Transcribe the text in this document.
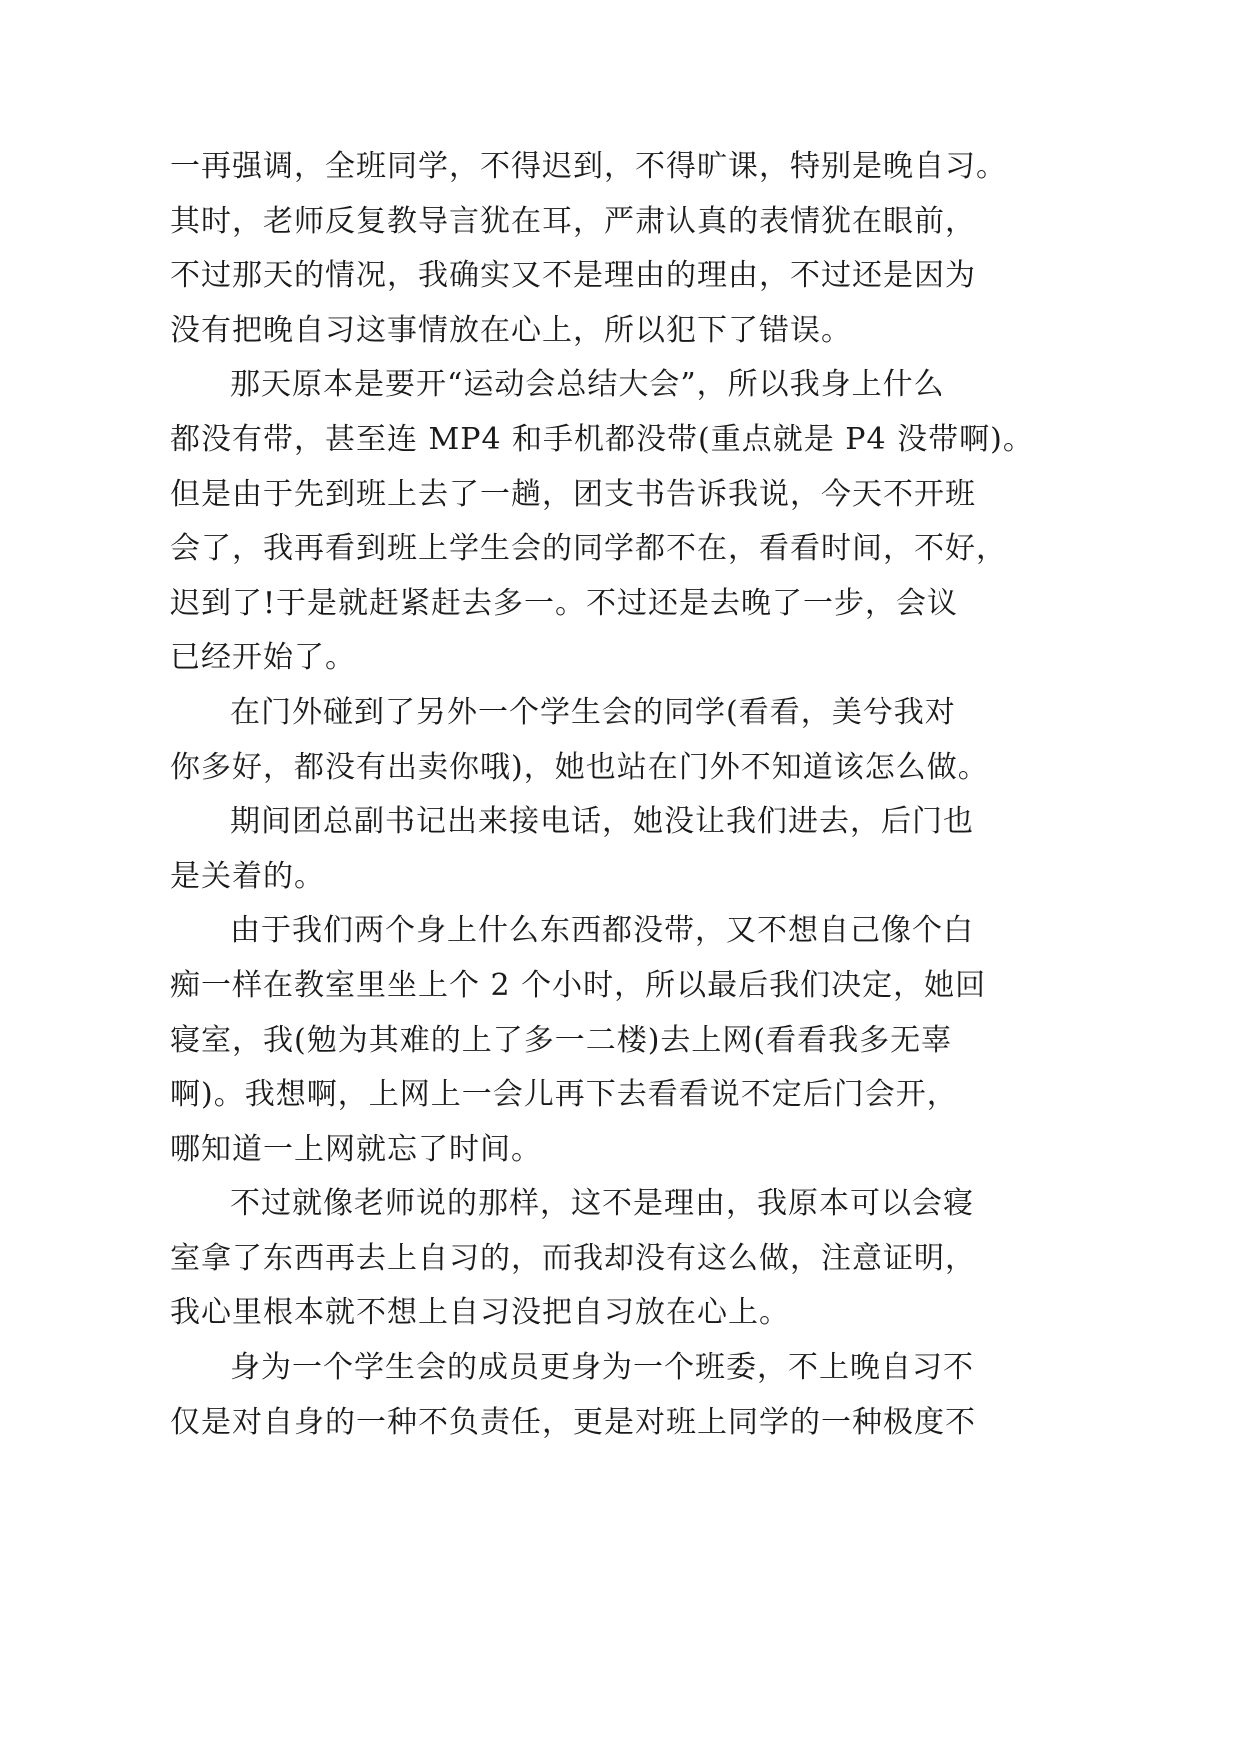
一再强调，全班同学，不得迟到，不得旷课，特别是晚自习。
其时，老师反复教导言犹在耳，严肃认真的表情犹在眼前，
不过那天的情况，我确实又不是理由的理由，不过还是因为
没有把晚自习这事情放在心上，所以犯下了错误。
那天原本是要开“运动会总结大会”，所以我身上什么
都没有带，甚至连 MP4 和手机都没带(重点就是 P4 没带啊)。
但是由于先到班上去了一趟，团支书告诉我说，今天不开班
会了，我再看到班上学生会的同学都不在，看看时间，不好，
迟到了!于是就赶紧赶去多一。不过还是去晚了一步，会议
已经开始了。
在门外碰到了另外一个学生会的同学(看看，美兮我对
你多好，都没有出卖你哦)，她也站在门外不知道该怎么做。
期间团总副书记出来接电话，她没让我们进去，后门也
是关着的。
由于我们两个身上什么东西都没带，又不想自己像个白
痴一样在教室里坐上个 2 个小时，所以最后我们决定，她回
寝室，我(勉为其难的上了多一二楼)去上网(看看我多无辜
啊)。我想啊，上网上一会儿再下去看看说不定后门会开，
哪知道一上网就忘了时间。
不过就像老师说的那样，这不是理由，我原本可以会寝
室拿了东西再去上自习的，而我却没有这么做，注意证明，
我心里根本就不想上自习没把自习放在心上。
身为一个学生会的成员更身为一个班委，不上晚自习不
仅是对自身的一种不负责任，更是对班上同学的一种极度不
